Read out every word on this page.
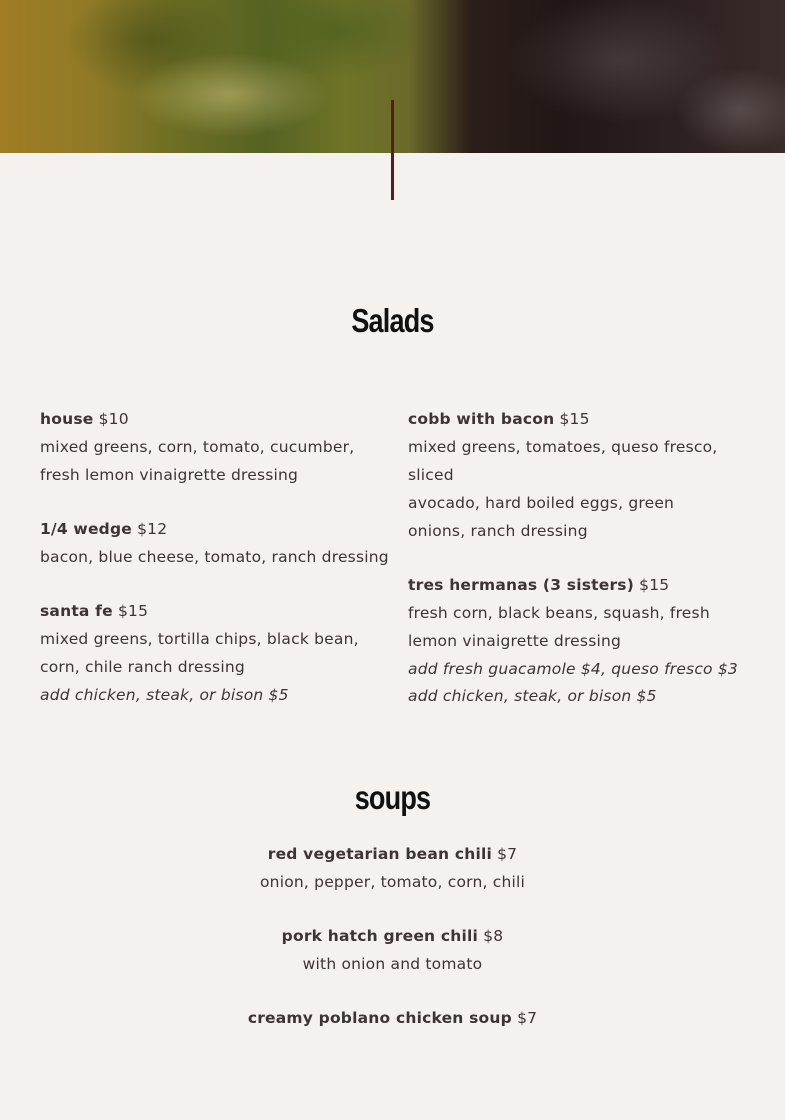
Salads
house $10
mixed greens, corn, tomato, cucumber, fresh lemon vinaigrette dressing
1/4 wedge $12
bacon, blue cheese, tomato, ranch dressing
santa fe $15
mixed greens, tortilla chips, black bean, corn, chile ranch dressing
add chicken, steak, or bison $5
cobb with bacon $15
mixed greens, tomatoes, queso fresco, sliced
avocado, hard boiled eggs, green
onions, ranch dressing
tres hermanas (3 sisters) $15
fresh corn, black beans, squash, fresh lemon vinaigrette dressing
add fresh guacamole $4, queso fresco $3
add chicken, steak, or bison $5
soups
red vegetarian bean chili $7
onion, pepper, tomato, corn, chili
pork hatch green chili $8
with onion and tomato
creamy poblano chicken soup $7
